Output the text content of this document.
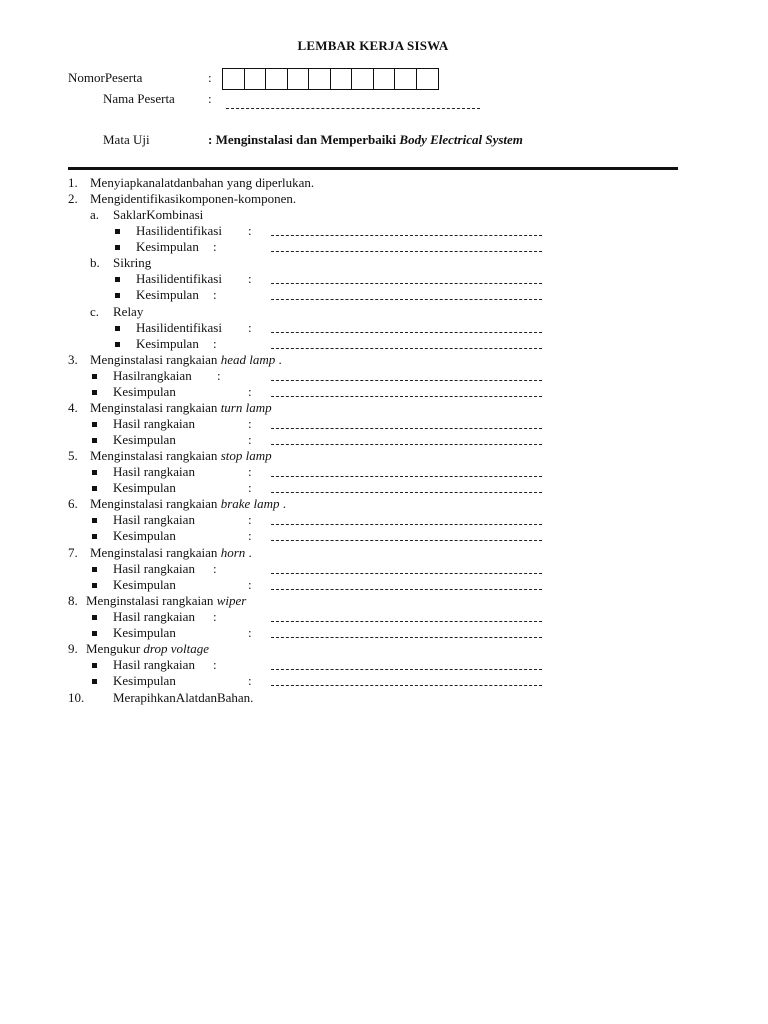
LEMBAR KERJA SISWA
NomorPeserta	:
Nama Peserta	:
Mata Uji	: Menginstalasi dan Memperbaiki Body Electrical System
1. Menyiapkanalatdanbahan yang diperlukan.
2. Mengidentifikasikomponen-komponen.
a. SaklarKombinasi
Hasilidentifikasi :
Kesimpulan :
b. Sikring
Hasilidentifikasi :
Kesimpulan :
c. Relay
Hasilidentifikasi :
Kesimpulan :
3. Menginstalasi rangkaian head lamp .
Hasilrangkaian :
Kesimpulan	:
4. Menginstalasi rangkaian turn lamp
Hasil rangkaian	:
Kesimpulan	:
5. Menginstalasi rangkaian stop lamp
Hasil rangkaian	:
Kesimpulan	:
6. Menginstalasi rangkaian brake lamp .
Hasil rangkaian	:
Kesimpulan	:
7. Menginstalasi rangkaian horn .
Hasil rangkaian :
Kesimpulan	:
8. Menginstalasi rangkaian wiper
Hasil rangkaian :
Kesimpulan	:
9. Mengukur drop voltage
Hasil rangkaian :
Kesimpulan	:
10. MerapihkanAlatdanBahan.
